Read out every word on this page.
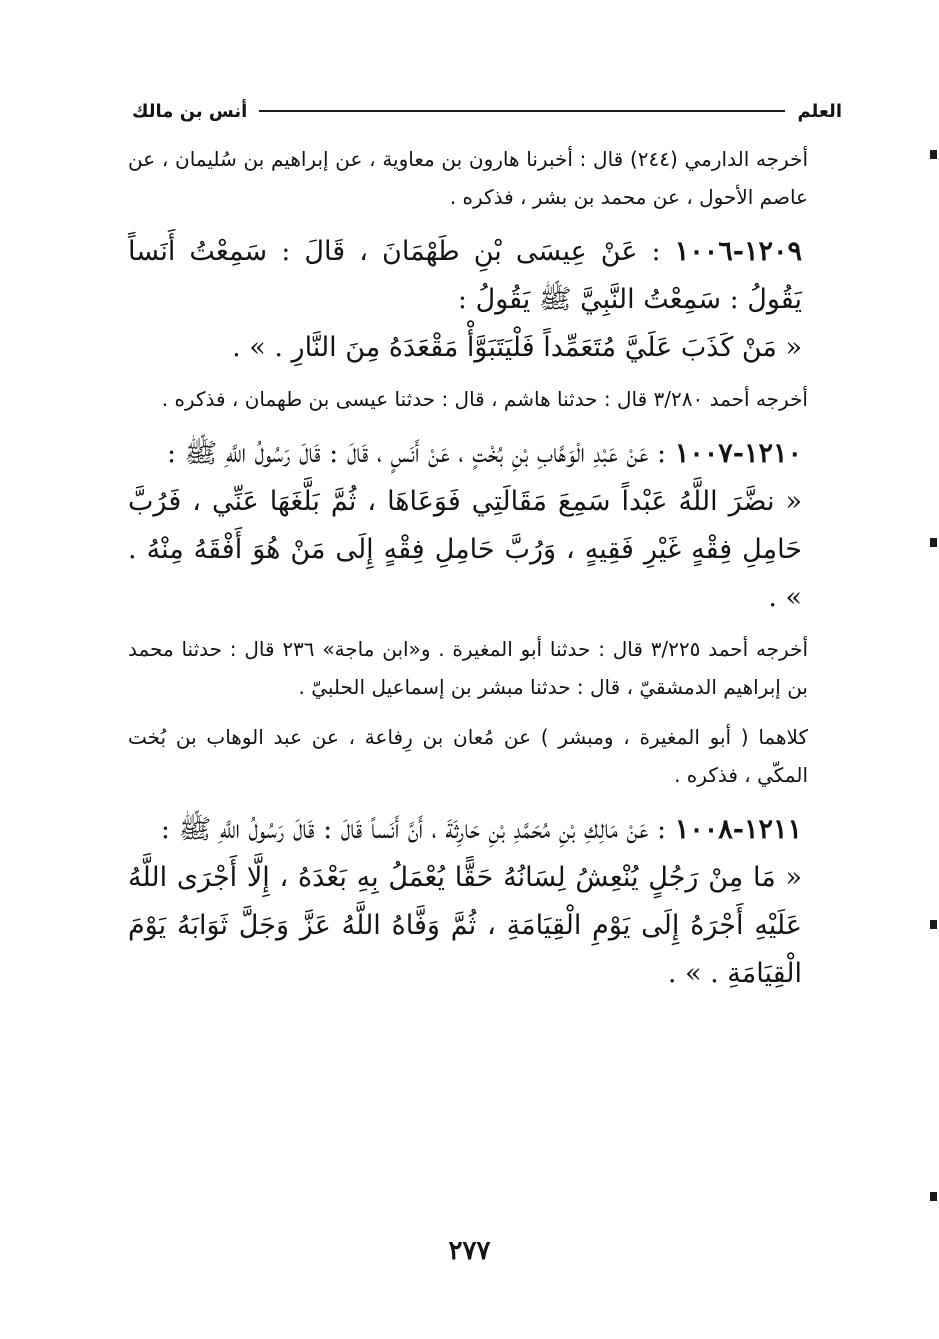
العلم
أنس بن مالك

أخرجه الدارمي (٢٤٤) قال : أخبرنا هارون بن معاوية ، عن إبراهيم بن سُليمان ، عن عاصم الأحول ، عن محمد بن بشر ، فذكره .

١٢٠٩-١٠٠٦ : عَنْ عِيسَى بْنِ طَهْمَانَ ، قَالَ : سَمِعْتُ أَنَساً يَقُولُ : سَمِعْتُ النَّبِيَّ ﷺ يَقُولُ :
« مَنْ كَذَبَ عَلَيَّ مُتَعَمِّداً فَلْيَتَبَوَّأْ مَقْعَدَهُ مِنَ النَّارِ . » .

أخرجه أحمد ٣/٢٨٠ قال : حدثنا هاشم ، قال : حدثنا عيسى بن طهمان ، فذكره .

١٢١٠-١٠٠٧ : عَنْ عَبْدِ الْوَهَّابِ بْنِ بُخْتٍ ، عَنْ أَنَسٍ ، قَالَ : قَالَ رَسُولُ اللَّهِ ﷺ :
« نضَّرَ اللَّهُ عَبْداً سَمِعَ مَقَالَتِي فَوَعَاهَا ، ثُمَّ بَلَّغَهَا عَنِّي ، فَرُبَّ حَامِلِ فِقْهٍ غَيْرِ فَقِيهٍ ، وَرُبَّ حَامِلِ فِقْهٍ إِلَى مَنْ هُوَ أَفْقَهُ مِنْهُ . » .

أخرجه أحمد ٣/٢٢٥ قال : حدثنا أبو المغيرة . و«ابن ماجة» ٢٣٦ قال : حدثنا محمد بن إبراهيم الدمشقيّ ، قال : حدثنا مبشر بن إسماعيل الحلبيّ .

كلاهما ( أبو المغيرة ، ومبشر ) عن مُعان بن رِفاعة ، عن عبد الوهاب بن بُخت المكّي ، فذكره .

١٢١١-١٠٠٨ : عَنْ مَالِكِ بْنِ مُحَمَّدِ بْنِ حَارِثَةَ ، أَنَّ أَنَساً قَالَ : قَالَ رَسُولُ اللَّهِ ﷺ :
« مَا مِنْ رَجُلٍ يُنْعِشُ لِسَانُهُ حَقًّا يُعْمَلُ بِهِ بَعْدَهُ ، إِلَّا أَجْرَى اللَّهُ عَلَيْهِ أَجْرَهُ إِلَى يَوْمِ الْقِيَامَةِ ، ثُمَّ وَفَّاهُ اللَّهُ عَزَّ وَجَلَّ ثَوَابَهُ يَوْمَ الْقِيَامَةِ . » .

٢٧٧
